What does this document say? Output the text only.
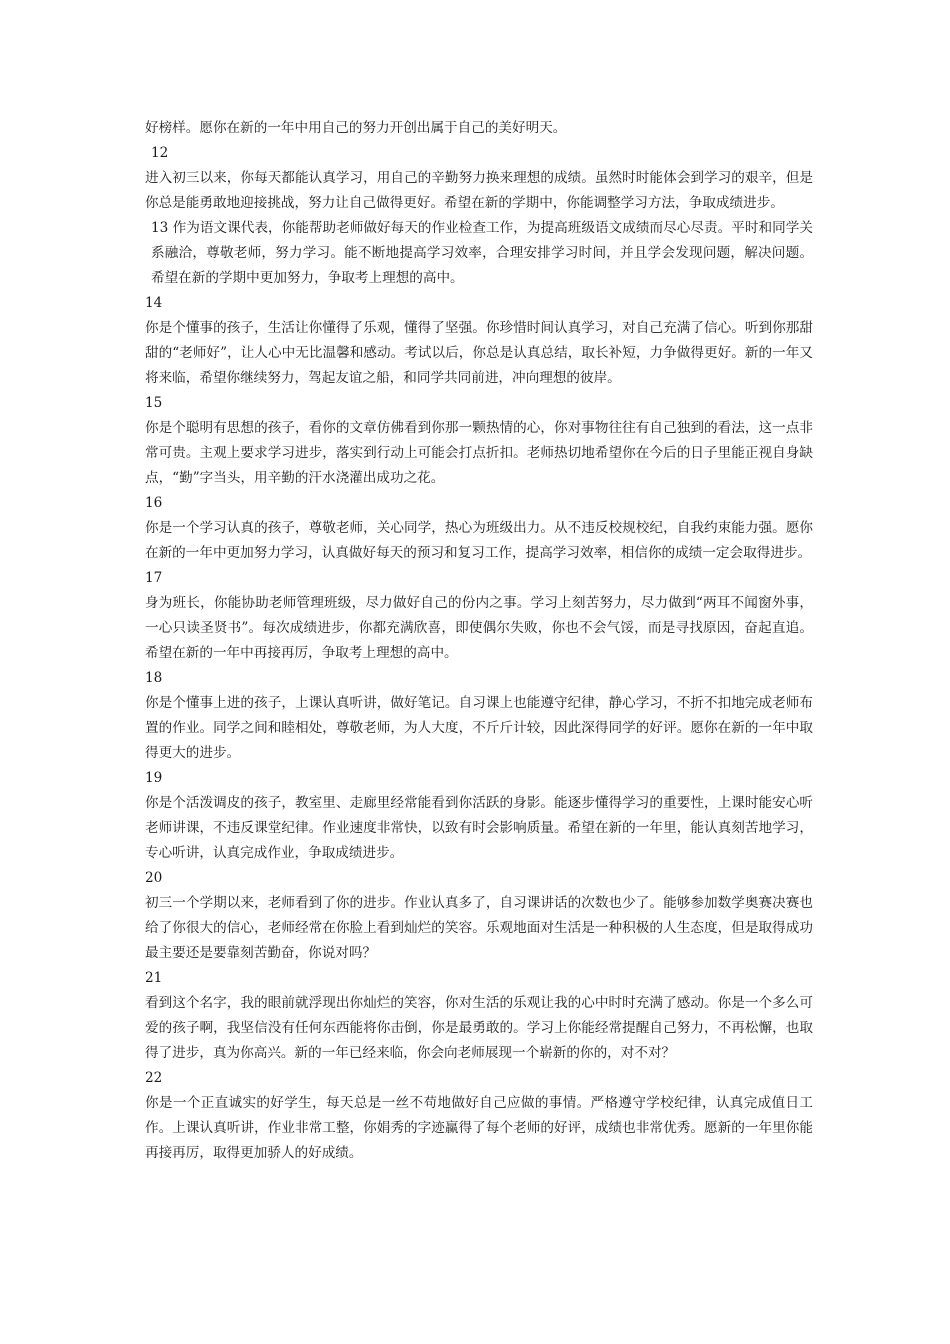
好榜样。愿你在新的一年中用自己的努力开创出属于自己的美好明天。

12

进入初三以来，你每天都能认真学习，用自己的辛勤努力换来理想的成绩。虽然时时能体会到学习的艰辛，但是你总是能勇敢地迎接挑战，努力让自己做得更好。希望在新的学期中，你能调整学习方法，争取成绩进步。

13 作为语文课代表，你能帮助老师做好每天的作业检查工作，为提高班级语文成绩而尽心尽责。平时和同学关系融洽，尊敬老师，努力学习。能不断地提高学习效率，合理安排学习时间，并且学会发现问题，解决问题。希望在新的学期中更加努力，争取考上理想的高中。

14

你是个懂事的孩子，生活让你懂得了乐观，懂得了坚强。你珍惜时间认真学习，对自己充满了信心。听到你那甜甜的“老师好”，让人心中无比温馨和感动。考试以后，你总是认真总结，取长补短，力争做得更好。新的一年又将来临，希望你继续努力，驾起友谊之船，和同学共同前进，冲向理想的彼岸。

15

你是个聪明有思想的孩子，看你的文章仿佛看到你那一颗热情的心，你对事物往往有自己独到的看法，这一点非常可贵。主观上要求学习进步，落实到行动上可能会打点折扣。老师热切地希望你在今后的日子里能正视自身缺点，“勤”字当头，用辛勤的汗水浇灌出成功之花。

16

你是一个学习认真的孩子，尊敬老师，关心同学，热心为班级出力。从不违反校规校纪，自我约束能力强。愿你在新的一年中更加努力学习，认真做好每天的预习和复习工作，提高学习效率，相信你的成绩一定会取得进步。

17

身为班长，你能协助老师管理班级，尽力做好自己的份内之事。学习上刻苦努力，尽力做到“两耳不闻窗外事，一心只读圣贤书”。每次成绩进步，你都充满欣喜，即使偶尔失败，你也不会气馁，而是寻找原因，奋起直追。希望在新的一年中再接再厉，争取考上理想的高中。

18

你是个懂事上进的孩子，上课认真听讲，做好笔记。自习课上也能遵守纪律，静心学习，不折不扣地完成老师布置的作业。同学之间和睦相处，尊敬老师，为人大度，不斤斤计较，因此深得同学的好评。愿你在新的一年中取得更大的进步。

19

你是个活泼调皮的孩子，教室里、走廊里经常能看到你活跃的身影。能逐步懂得学习的重要性，上课时能安心听老师讲课，不违反课堂纪律。作业速度非常快，以致有时会影响质量。希望在新的一年里，能认真刻苦地学习，专心听讲，认真完成作业，争取成绩进步。

20

初三一个学期以来，老师看到了你的进步。作业认真多了，自习课讲话的次数也少了。能够参加数学奥赛决赛也给了你很大的信心，老师经常在你脸上看到灿烂的笑容。乐观地面对生活是一种积极的人生态度，但是取得成功最主要还是要靠刻苦勤奋，你说对吗？

21

看到这个名字，我的眼前就浮现出你灿烂的笑容，你对生活的乐观让我的心中时时充满了感动。你是一个多么可爱的孩子啊，我坚信没有任何东西能将你击倒，你是最勇敢的。学习上你能经常提醒自己努力，不再松懈，也取得了进步，真为你高兴。新的一年已经来临，你会向老师展现一个崭新的你的，对不对？

22

你是一个正直诚实的好学生，每天总是一丝不苟地做好自己应做的事情。严格遵守学校纪律，认真完成值日工作。上课认真听讲，作业非常工整，你娟秀的字迹赢得了每个老师的好评，成绩也非常优秀。愿新的一年里你能再接再厉，取得更加骄人的好成绩。
